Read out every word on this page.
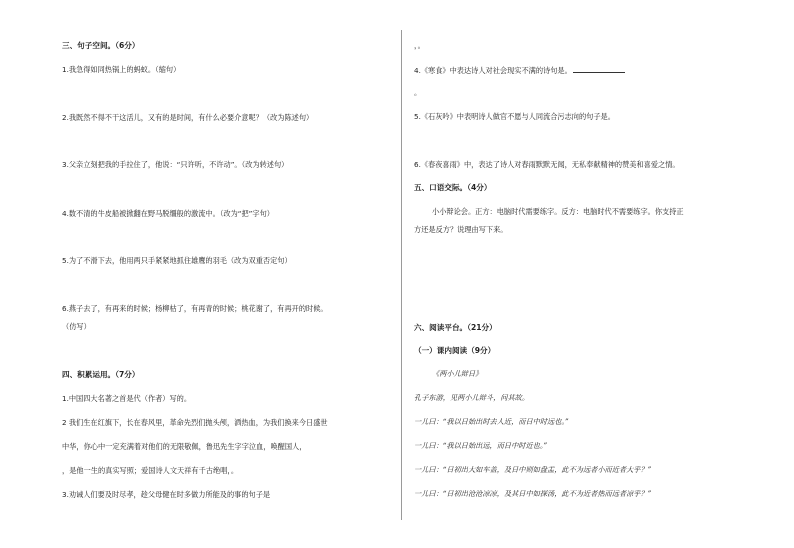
三、句子空间。（6分）
1.我急得如同热锅上的蚂蚁。（缩句）
2.我既然不得不干这活儿，又有的是时间，有什么必要介意呢？（改为陈述句）
3.父亲立刻把我的手拉住了，他说：“只许听，不许动”。（改为转述句）
4.数不清的牛皮船被掀翻在野马脱缰般的激流中。（改为“把”字句）
5.为了不滑下去，他用两只手紧紧地抓住雄鹰的羽毛（改为双重否定句）
6.燕子去了，有再来的时候；杨柳枯了，有再青的时候；桃花谢了，有再开的时候。
（仿写）
四、积累运用。（7分）
1.中国四大名著之首是代（作者）写的。
2 我们生在红旗下，长在春风里，革命先烈们抛头颅，洒热血，为我们换来今日盛世
中华，你心中一定充满着对他们的无限敬佩，鲁迅先生字字泣血，唤醒国人，
，是他一生的真实写照；爱国诗人文天祥有千古绝唱，。
3.劝诫人们要及时尽孝，趁父母健在时多做力所能及的事的句子是
，。
4.《寒食》中表达诗人对社会现实不满的诗句是。
。
5.《石灰吟》中表明诗人做官不愿与人同流合污志向的句子是。
6.《春夜喜雨》中，表达了诗人对春雨默默无闻，无私奉献精神的赞美和喜爱之情。
五、口语交际。（4分）
小小辩论会。正方：电脑时代需要练字。反方：电脑时代不需要练字。你支持正
方还是反方？说理由写下来。
六、阅读平台。（21分）
（一）课内阅读（9分）
《两小儿辩日》
孔子东游，见两小儿辩斗，问其故。
一儿曰：“我以日始出时去人近，而日中时远也。”
一儿曰：“我以日始出远，而日中时近也。”
一儿曰：“日初出大如车盖，及日中则如盘盂，此不为远者小而近者大乎？”
一儿曰：“日初出沧沧凉凉，及其日中如探汤，此不为近者热而远者凉乎？”
